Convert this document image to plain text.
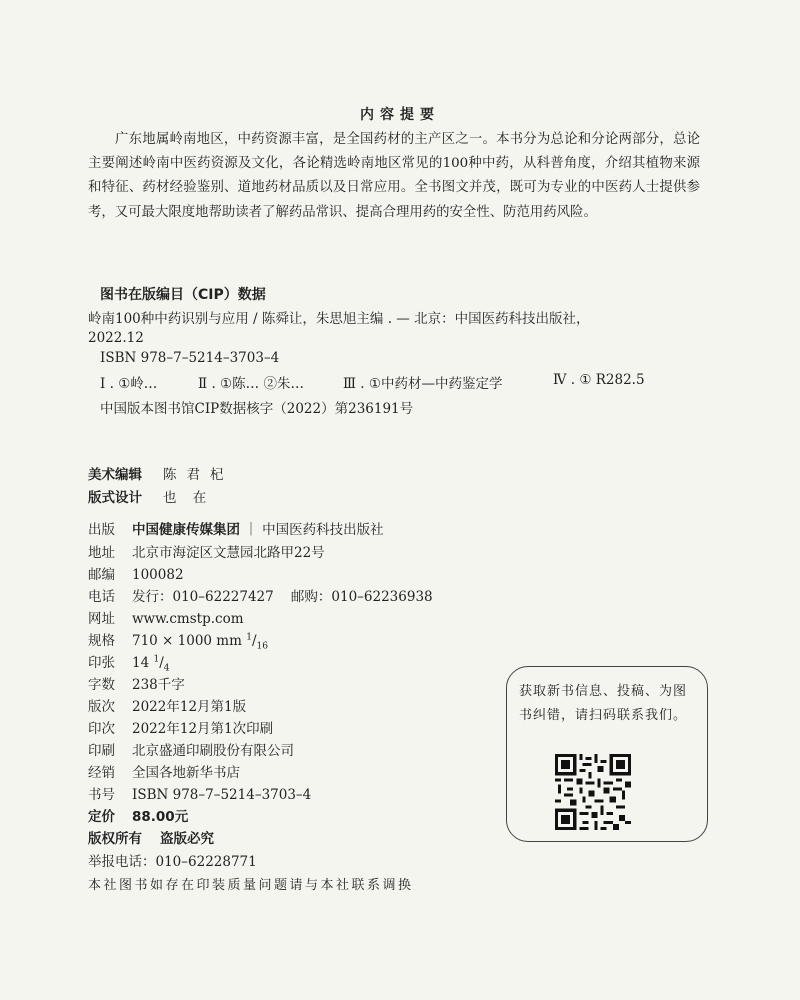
内容提要
广东地属岭南地区，中药资源丰富，是全国药材的主产区之一。本书分为总论和分论两部分，总论主要阐述岭南中医药资源及文化，各论精选岭南地区常见的100种中药，从科普角度，介绍其植物来源和特征、药材经验鉴别、道地药材品质以及日常应用。全书图文并茂，既可为专业的中医药人士提供参考，又可最大限度地帮助读者了解药品常识、提高合理用药的安全性、防范用药风险。
图书在版编目（CIP）数据
岭南100种中药识别与应用 / 陈舜让，朱思旭主编 . — 北京：中国医药科技出版社，
2022.12
ISBN 978–7–5214–3703–4
Ⅰ . ①岭…	Ⅱ . ①陈… ②朱…	Ⅲ . ①中药材—中药鉴定学	Ⅳ . ① R282.5
中国版本图书馆CIP数据核字（2022）第236191号
美术编辑 陈君杞
版式设计 也 在
出版 中国健康传媒集团 ｜ 中国医药科技出版社
地址 北京市海淀区文慧园北路甲22号
邮编 100082
电话 发行：010–62227427    邮购：010–62236938
网址 www.cmstp.com
规格 710 × 1000 mm $^1/_{16}$
印张 14 $^1/_4$
字数 238千字
版次 2022年12月第1版
印次 2022年12月第1次印刷
印刷 北京盛通印刷股份有限公司
经销 全国各地新华书店
书号 ISBN 978–7–5214–3703–4
定价 88.00元
版权所有 盗版必究
举报电话：010–62228771
获取新书信息、投稿、为图书纠错，请扫码联系我们。
本社图书如存在印装质量问题请与本社联系调换
